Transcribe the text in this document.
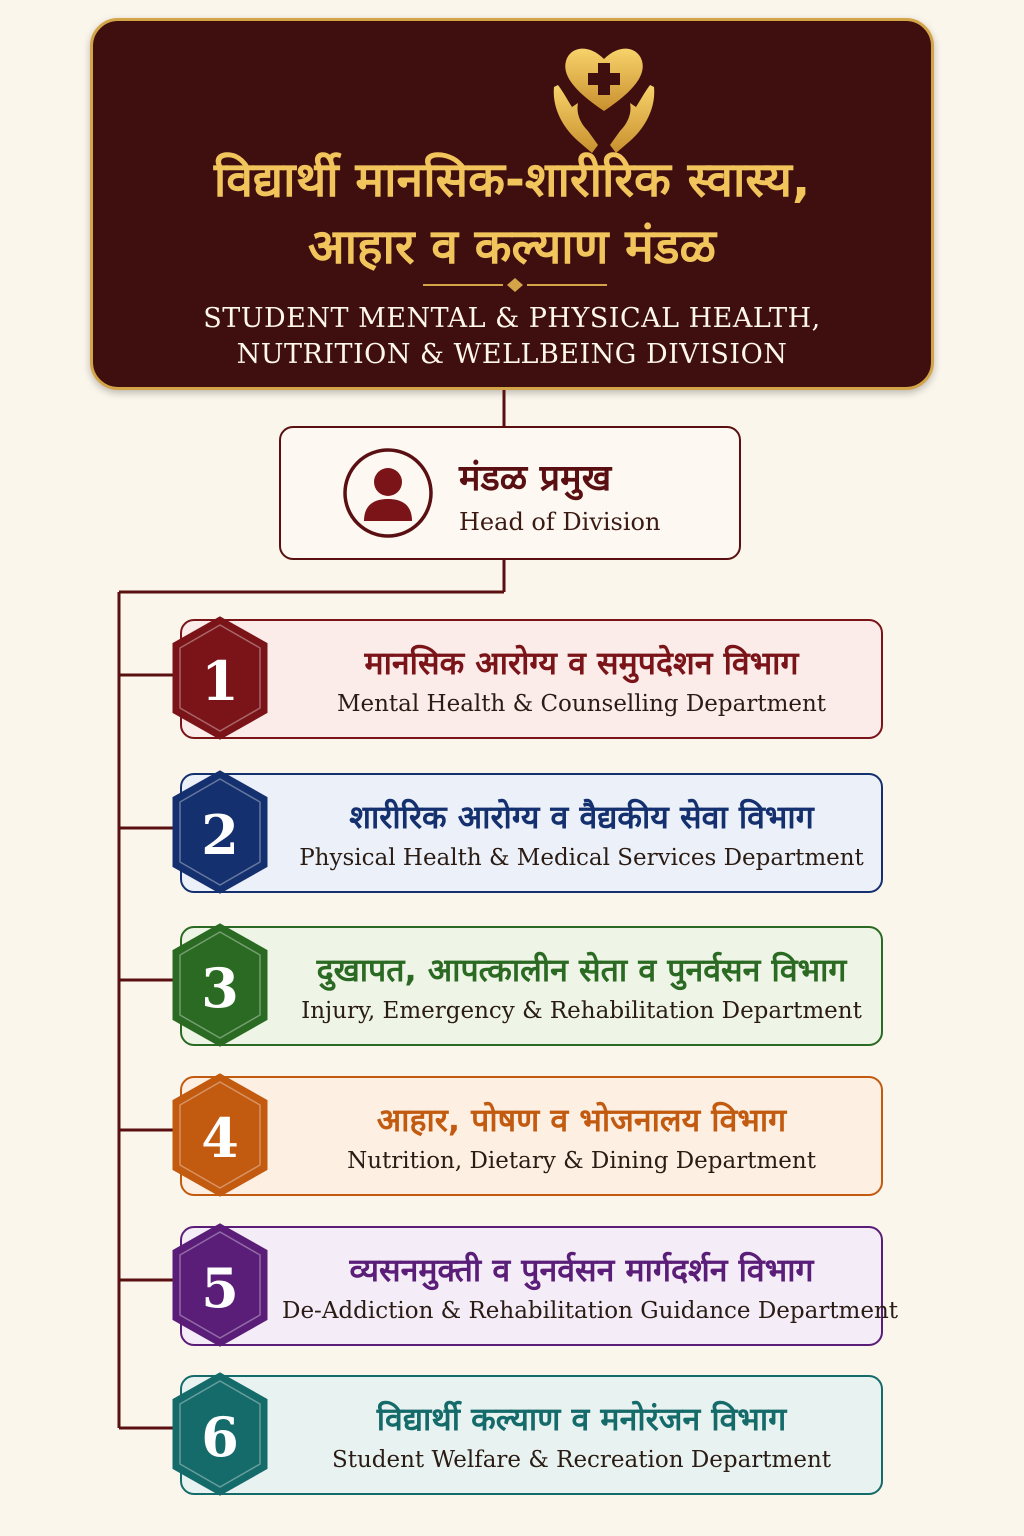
विद्यार्थी मानसिक-शारीरिक स्वास्य,
आहार व कल्याण मंडळ
STUDENT MENTAL & PHYSICAL HEALTH,
NUTRITION & WELLBEING DIVISION
मंडळ प्रमुख
Head of Division
मानसिक आरोग्य व समुपदेशन विभाग
Mental Health & Counselling Department
शारीरिक आरोग्य व वैद्यकीय सेवा विभाग
Physical Health & Medical Services Department
दुखापत, आपत्कालीन सेता व पुनर्वसन विभाग
Injury, Emergency & Rehabilitation Department
आहार, पोषण व भोजनालय विभाग
Nutrition, Dietary & Dining Department
व्यसनमुक्ती व पुनर्वसन मार्गदर्शन विभाग
De-Addiction & Rehabilitation Guidance Department
विद्यार्थी कल्याण व मनोरंजन विभाग
Student Welfare & Recreation Department
1
2
3
4
5
6
